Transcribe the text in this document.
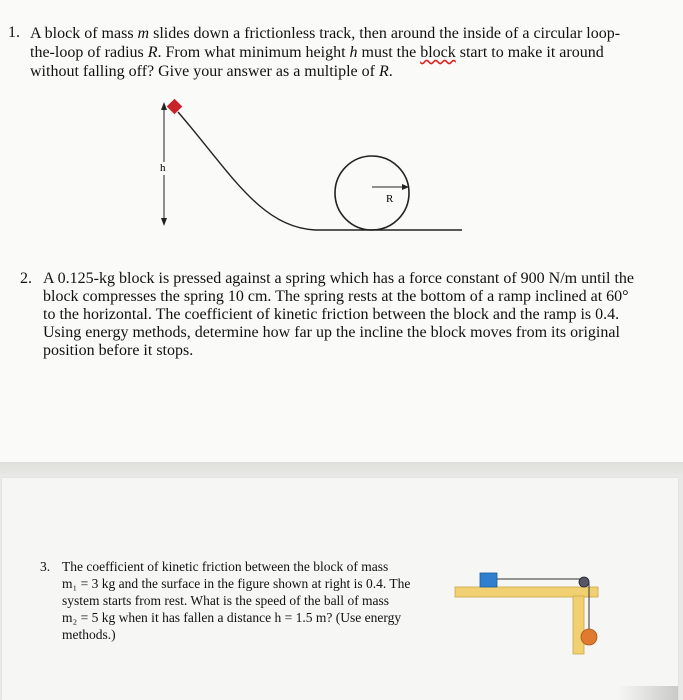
1. A block of mass m slides down a frictionless track, then around the inside of a circular loop-
the-loop of radius R. From what minimum height h must the block start to make it around
without falling off? Give your answer as a multiple of R.
h
R
2. A 0.125-kg block is pressed against a spring which has a force constant of 900 N/m until the
block compresses the spring 10 cm. The spring rests at the bottom of a ramp inclined at 60°
to the horizontal. The coefficient of kinetic friction between the block and the ramp is 0.4.
Using energy methods, determine how far up the incline the block moves from its original
position before it stops.
3. The coefficient of kinetic friction between the block of mass
m₁ = 3 kg and the surface in the figure shown at right is 0.4. The
system starts from rest. What is the speed of the ball of mass
m₂ = 5 kg when it has fallen a distance h = 1.5 m? (Use energy
methods.)
